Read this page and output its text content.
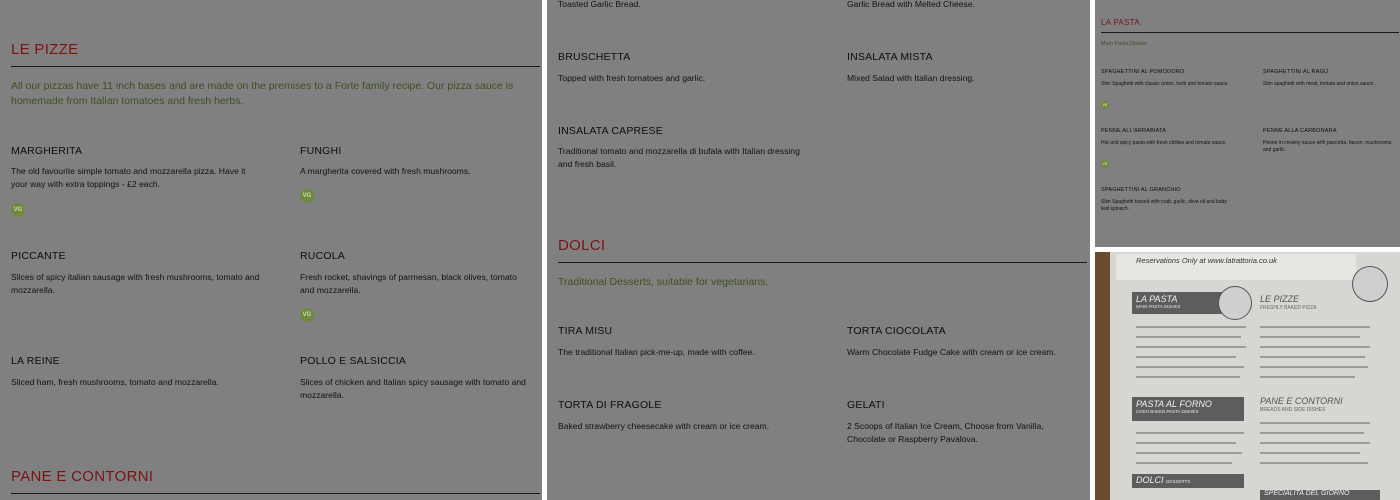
LE PIZZE
All our pizzas have 11 inch bases and are made on the premises to a Forte family recipe. Our pizza sauce is homemade from Italian tomatoes and fresh herbs.
MARGHERITA
The old favourite simple tomato and mozzarella pizza. Have it your way with extra toppings - £2 each.
VG
FUNGHI
A margherita covered with fresh mushrooms.
VG
PICCANTE
Slices of spicy italian sausage with fresh mushrooms, tomato and mozzarella.
RUCOLA
Fresh rocket, shavings of parmesan, black olives, tomato and mozzarella.
VG
LA REINE
Sliced ham, fresh mushrooms, tomato and mozzarella.
POLLO E SALSICCIA
Slices of chicken and Italian spicy sausage with tomato and mozzarella.
PANE E CONTORNI
Toasted Garlic Bread.	Garlic Bread with Melted Cheese.
BRUSCHETTA
Topped with fresh tomatoes and garlic.
INSALATA MISTA
Mixed Salad with Italian dressing.
INSALATA CAPRESE
Traditional tomato and mozzarella di bufala with Italian dressing and fresh basil.
DOLCI
Traditional Desserts, suitable for vegetarians.
TIRA MISU
The traditional Italian pick-me-up, made with coffee.
TORTA CIOCOLATA
Warm Chocolate Fudge Cake with cream or ice cream.
TORTA DI FRAGOLE
Baked strawberry cheesecake with cream or ice cream.
GELATI
2 Scoops of Italian Ice Cream, Choose from Vanilla, Chocolate or Raspberry Pavalova.
LA PASTA
Main Pasta Dishes
SPAGHETTINI AL POMODORO
Slim Spaghetti with classic onion, herb and tomato sauce.
VG
SPAGHETTINI AL RAGÙ
Slim spaghetti with meat, tomato and onion sauce.
PENNE ALL'ARRABIATA
Hot and spicy pasta with fresh chillies and tomato sauce.
VG
PENNE ALLA CARBONARA
Penne in creamy sauce with pancetta, bacon, mushrooms and garlic.
SPAGHETTINI AL GRANCHIO
Slim Spaghetti tossed with crab, garlic, olive oil and baby leaf spinach.
Reservations Only at www.latrattoria.co.uk
LA PASTA
MAIN PASTA DISHES
LE PIZZE
FRESHLY BAKED PIZZA
PASTA AL FORNO
OVEN BAKED PASTA DISHES
PANE E CONTORNI
BREADS AND SIDE DISHES
DOLCI DESSERTS
SPECIALITA DEL GIORNO
